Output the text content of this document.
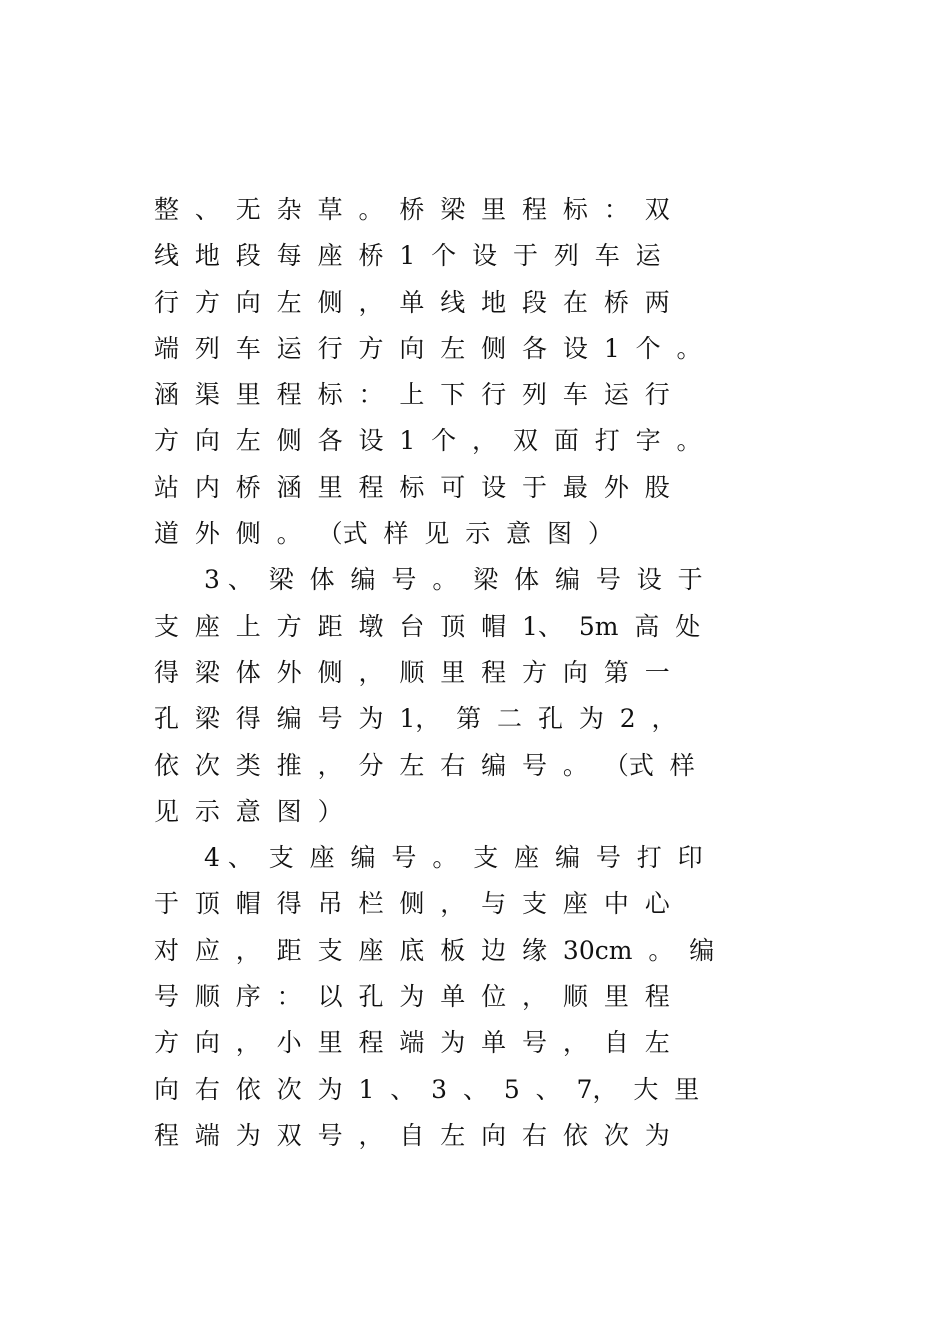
整  、  无  杂  草  。  桥  梁  里  程  标  ：  双
线  地  段  每  座  桥  1  个  设  于  列  车  运
行  方  向  左  侧  ，  单  线  地  段  在  桥  两
端  列  车  运  行  方  向  左  侧  各  设  1  个  。
涵  渠  里  程  标  ：  上  下  行  列  车  运  行
方  向  左  侧  各  设  1  个  ，  双  面  打  字  。
站  内  桥  涵  里  程  标  可  设  于  最  外  股
道  外  侧  。  （式  样  见  示  意  图  ）
3 、  梁  体  编  号  。  梁  体  编  号  设  于
支  座  上  方  距  墩  台  顶  帽  1、  5m  高  处
得  梁  体  外  侧  ，  顺  里  程  方  向  第  一
孔  梁  得  编  号  为  1，  第  二  孔  为  2  ，
依  次  类  推  ，  分  左  右  编  号  。  （式  样
见  示  意  图  ）
4 、  支  座  编  号  。  支  座  编  号  打  印
于  顶  帽  得  吊  栏  侧  ，  与  支  座  中  心
对  应  ，  距  支  座  底  板  边  缘  30cm  。  编
号  顺  序  ：  以  孔  为  单  位  ，  顺  里  程
方  向  ，  小  里  程  端  为  单  号  ，  自  左
向  右  依  次  为  1  、  3  、  5  、  7，  大  里
程  端  为  双  号  ，  自  左  向  右  依  次  为
